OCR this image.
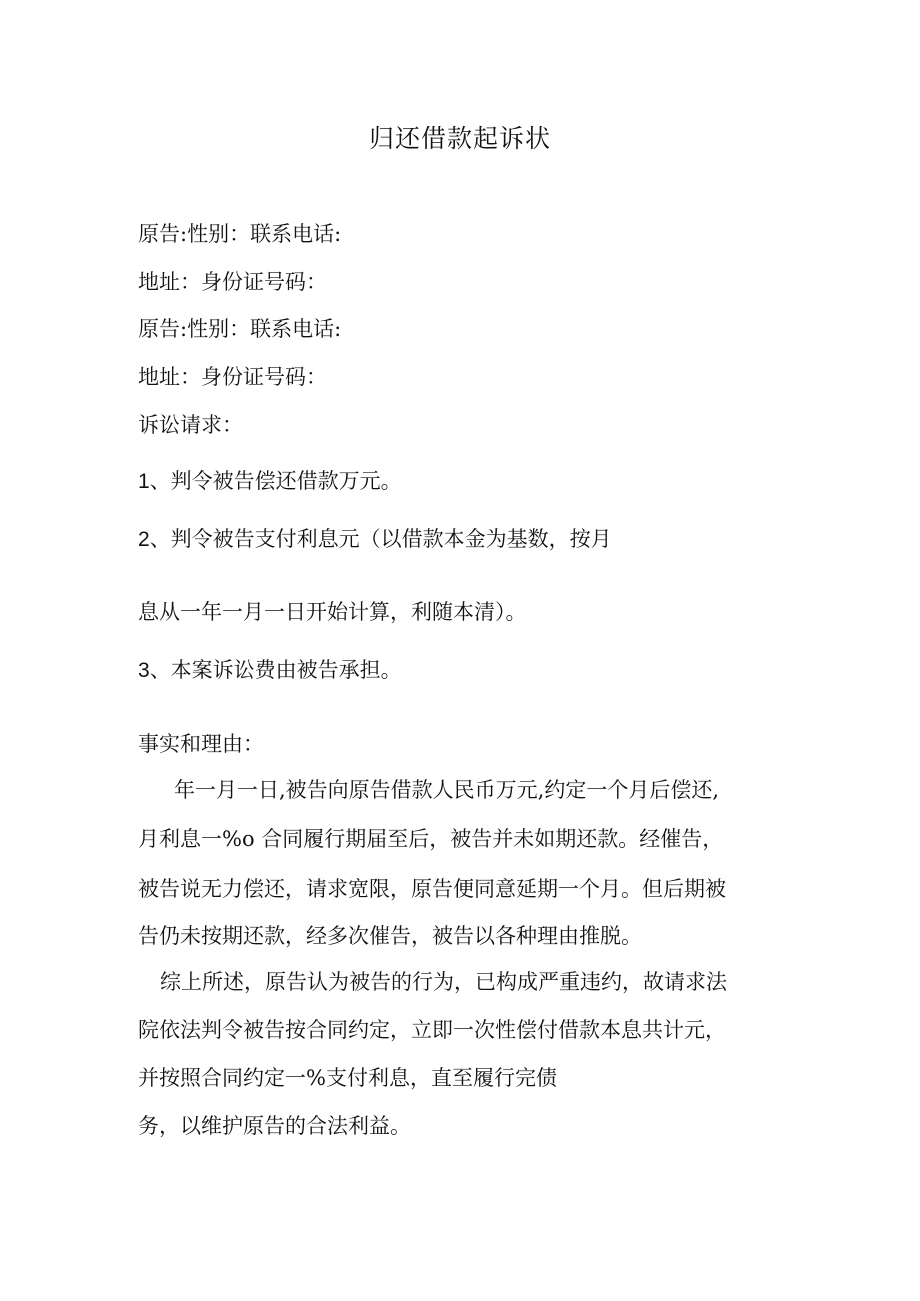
归还借款起诉状
原告:性别：联系电话:
地址：身份证号码：
原告:性别：联系电话:
地址：身份证号码：
诉讼请求：
1、判令被告偿还借款万元。
2、判令被告支付利息元（以借款本金为基数，按月
息从一年一月一日开始计算，利随本清）。
3、本案诉讼费由被告承担。
事实和理由：
年一月一日,被告向原告借款人民币万元,约定一个月后偿还,
月利息一%o 合同履行期届至后，被告并未如期还款。经催告，
被告说无力偿还，请求宽限，原告便同意延期一个月。但后期被
告仍未按期还款，经多次催告，被告以各种理由推脱。
综上所述，原告认为被告的行为，已构成严重违约，故请求法
院依法判令被告按合同约定，立即一次性偿付借款本息共计元，
并按照合同约定一%支付利息，直至履行完债
务，以维护原告的合法利益。
